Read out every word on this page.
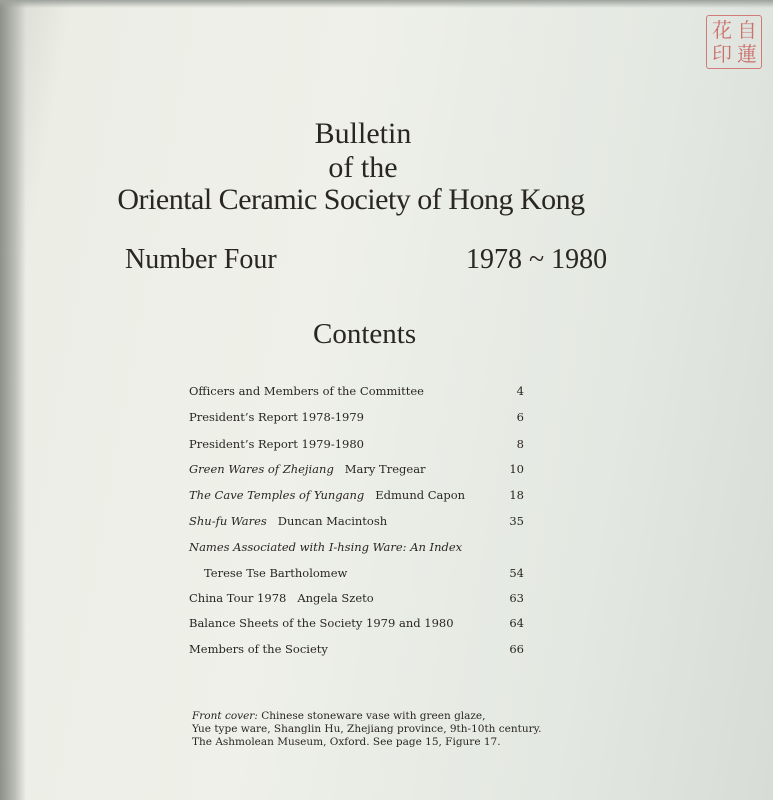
自
蓮
花
印
Bulletin
of the
Oriental Ceramic Society of Hong Kong
Number Four	1978 ~ 1980
Contents
Officers and Members of the Committee	4
President’s Report 1978-1979	6
President’s Report 1979-1980	8
Green Wares of Zhejiang Mary Tregear	10
The Cave Temples of Yungang Edmund Capon	18
Shu-fu Wares Duncan Macintosh	35
Names Associated with I-hsing Ware: An Index
Terese Tse Bartholomew	54
China Tour 1978 Angela Szeto	63
Balance Sheets of the Society 1979 and 1980	64
Members of the Society	66
Front cover: Chinese stoneware vase with green glaze,
Yue type ware, Shanglin Hu, Zhejiang province, 9th-10th century.
The Ashmolean Museum, Oxford. See page 15, Figure 17.
